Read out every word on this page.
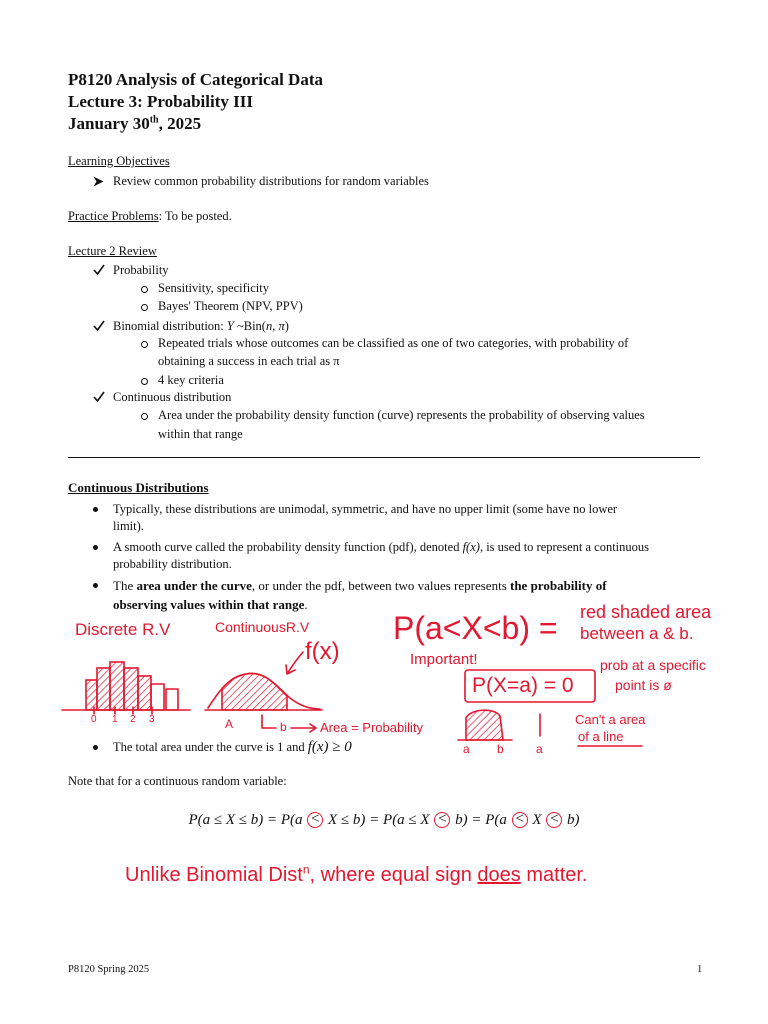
P8120 Analysis of Categorical Data
Lecture 3: Probability III
January 30th, 2025
Learning Objectives
Review common probability distributions for random variables
Practice Problems: To be posted.
Lecture 2 Review
Probability
Sensitivity, specificity
Bayes' Theorem (NPV, PPV)
Binomial distribution: Y ~Bin(n, π)
Repeated trials whose outcomes can be classified as one of two categories, with probability of
obtaining a success in each trial as π
4 key criteria
Continuous distribution
Area under the probability density function (curve) represents the probability of observing values
within that range
Continuous Distributions
Typically, these distributions are unimodal, symmetric, and have no upper limit (some have no lower
limit).
A smooth curve called the probability density function (pdf), denoted f(x), is used to represent a continuous
probability distribution.
The area under the curve, or under the pdf, between two values represents the probability of
observing values within that range.
Discrete R.V	ContinuousR.V	P(a<X<b) = red shaded area
between a & b.
f(x)	Important!
P(X=a) = 0
prob at a specific
point is ø
0 1 2 3	A	b	Area = Probability
a b	a
Can't a area
of a line
The total area under the curve is 1 and f(x) ≥ 0
Note that for a continuous random variable:
P(a ≤ X ≤ b) = P(a < X ≤ b) = P(a ≤ X < b) = P(a < X < b)
Unlike Binomial Dist$^n$, where equal sign does matter.
P8120 Spring 2025	1
